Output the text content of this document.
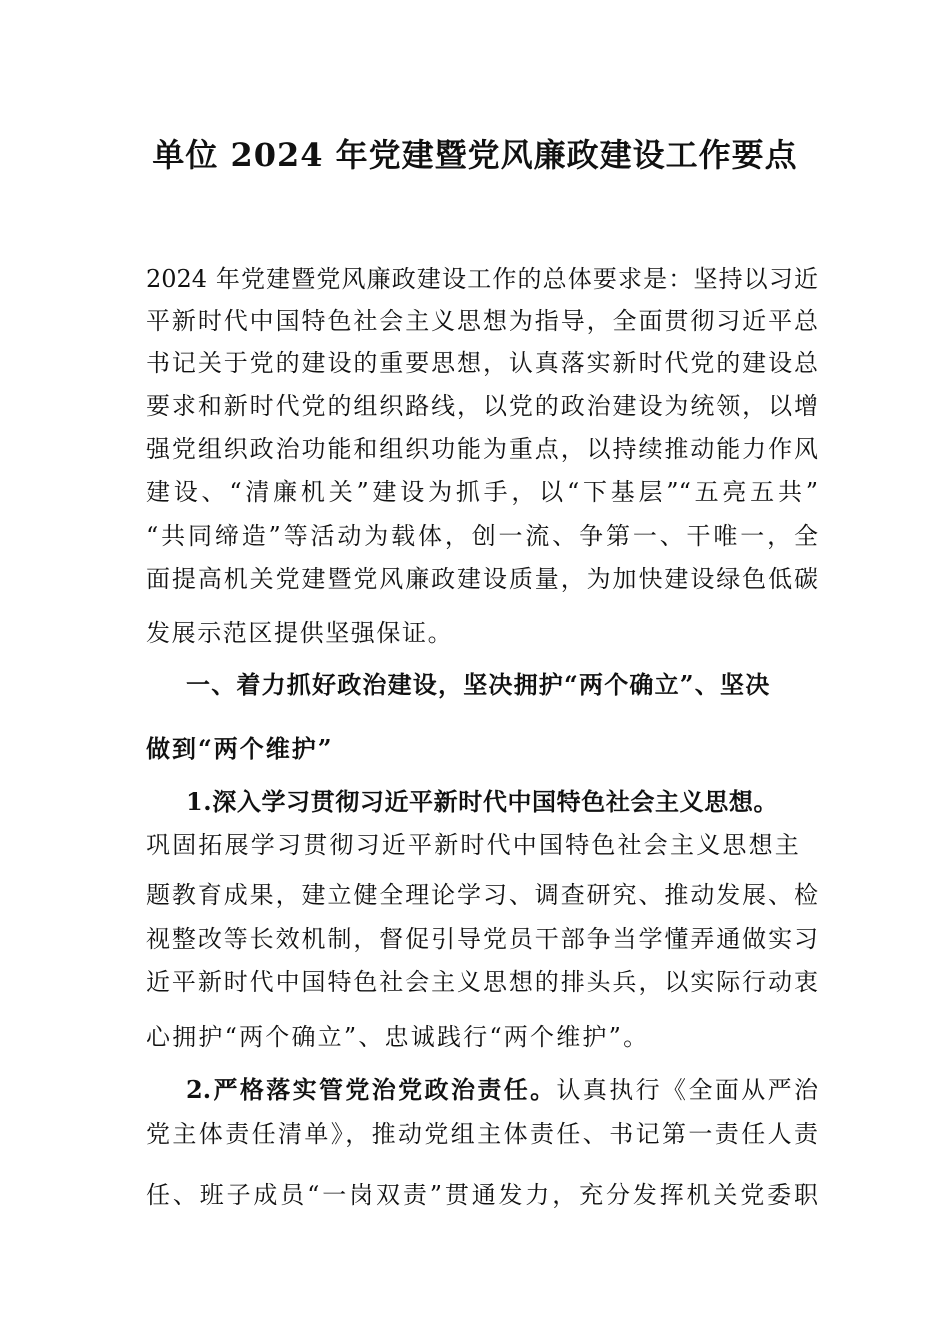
单位 2024 年党建暨党风廉政建设工作要点
2024 年党建暨党风廉政建设工作的总体要求是：坚持以习近
平新时代中国特色社会主义思想为指导，全面贯彻习近平总
书记关于党的建设的重要思想，认真落实新时代党的建设总
要求和新时代党的组织路线，以党的政治建设为统领，以增
强党组织政治功能和组织功能为重点，以持续推动能力作风
建设、“清廉机关”建设为抓手，以“下基层”“五亮五共”
“共同缔造”等活动为载体，创一流、争第一、干唯一，全
面提高机关党建暨党风廉政建设质量，为加快建设绿色低碳
发展示范区提供坚强保证。
一、着力抓好政治建设，坚决拥护“两个确立”、坚决
做到“两个维护”
1.深入学习贯彻习近平新时代中国特色社会主义思想。
巩固拓展学习贯彻习近平新时代中国特色社会主义思想主
题教育成果，建立健全理论学习、调查研究、推动发展、检
视整改等长效机制，督促引导党员干部争当学懂弄通做实习
近平新时代中国特色社会主义思想的排头兵，以实际行动衷
心拥护“两个确立”、忠诚践行“两个维护”。
2.严格落实管党治党政治责任。认真执行《全面从严治
党主体责任清单》，推动党组主体责任、书记第一责任人责
任、班子成员“一岗双责”贯通发力，充分发挥机关党委职
